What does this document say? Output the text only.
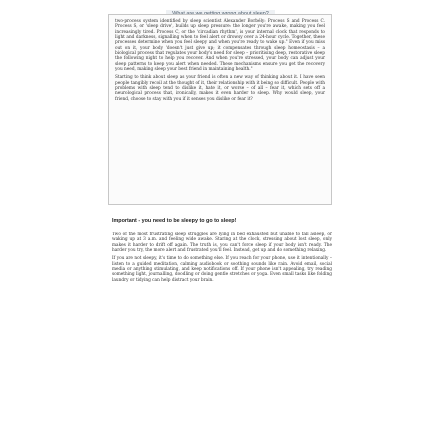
two-process system identified by sleep scientist Alexander Borbély: Process S and Process C. Process S, or 'sleep drive', builds up sleep pressure: the longer you're awake, making you feel increasingly tired. Process C, or the 'circadian rhythm', is your internal clock that responds to light and darkness, signalling when to feel alert or drowsy over a 24-hour cycle. Together, these processes determine when you feel sleepy and when you're ready to wake up." Even if you miss out on it, your body 'doesn't just give up; it compensates through sleep homeostasis – a biological process that regulates your body's need for sleep – prioritising deep, restorative sleep the following night to help you recover. And when you're stressed, your body can adjust your sleep patterns to keep you alert when needed. These mechanisms ensure you get the recovery you need, making sleep your best friend in maintaining health."

Starting to think about sleep as your friend is often a new way of thinking about it. I have seen people tangibly recoil at the thought of it, their relationship with it being so difficult. People with problems with sleep tend to dislike it, hate it, or worse – of all – fear it, which sets off a neurological process that, ironically, makes it even harder to sleep. Why would sleep, your friend, choose to stay with you if it senses you dislike or fear it?

Important - you need to be sleepy to go to sleep!

Two of the most frustrating sleep struggles are lying in bed exhausted but unable to fall asleep, or waking up at 3 a.m. and feeling wide awake. Staring at the clock, stressing about lost sleep, only makes it harder to drift off again. The truth is, you can't force sleep if your body isn't ready. The harder you try, the more alert and frustrated you'll feel. Instead, get up and do something relaxing.

If you are not sleepy, it's time to do something else. If you reach for your phone, use it intentionally – listen to a guided meditation, calming audiobook or soothing sounds like rain. Avoid email, social media or anything stimulating, and keep notifications off. If your phone isn't appealing, try reading something light, journalling, doodling or doing gentle stretches or yoga. Even small tasks like folding laundry or tidying can help distract your brain.
